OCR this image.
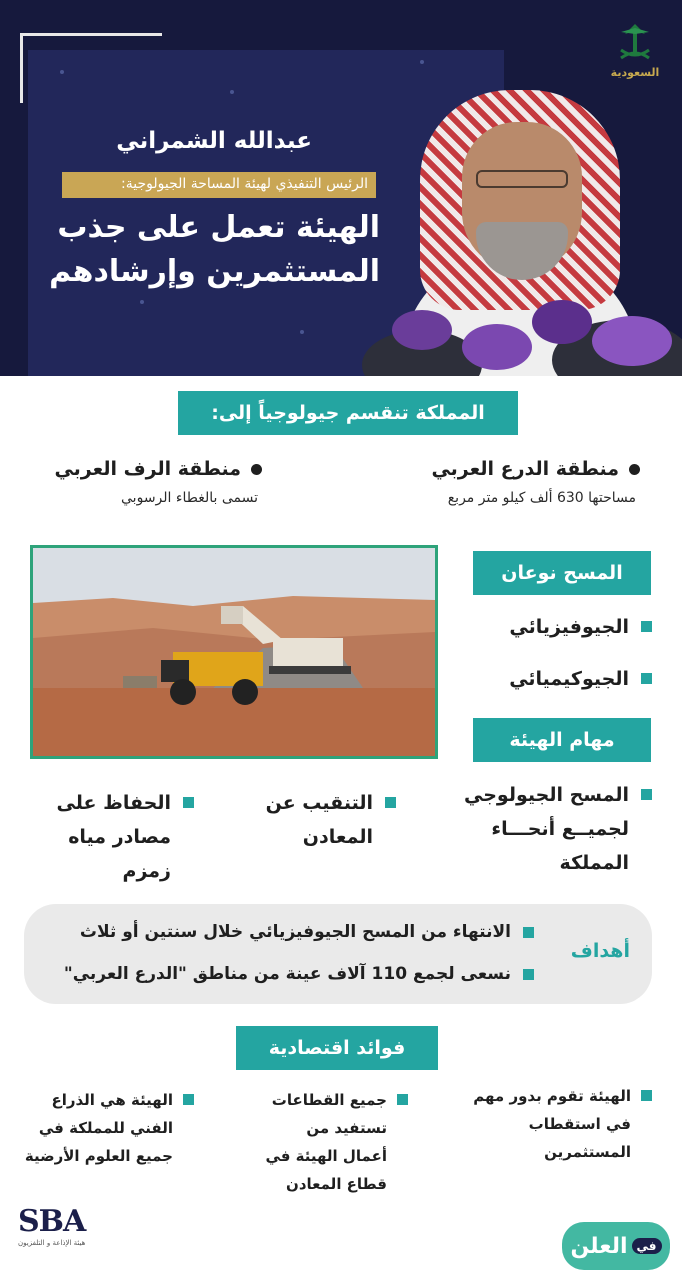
السعودية
عبدالله الشمراني
الرئيس التنفيذي لهيئة المساحة الجيولوجية:
الهيئة تعمل على جذب
المستثمرين وإرشادهم
المملكة تنقسم جيولوجياً إلى:
منطقة الدرع العربي
مساحتها 630 ألف كيلو متر مربع
منطقة الرف العربي
تسمى بالغطاء الرسوبي
المسح نوعان
الجيوفيزيائي
الجيوكيميائي
مهام الهيئة
المسح الجيولوجي لجميــع أنحـــاء المملكة
التنقيب عن المعادن
الحفاظ على مصادر مياه زمزم
أهداف
الانتهاء من المسح الجيوفيزيائي خلال سنتين أو ثلاث
نسعى لجمع 110 آلاف عينة من مناطق "الدرع العربي"
فوائد اقتصادية
الهيئة تقوم بدور مهم في استقطاب المستثمرين
جميع القطاعات تستفيد من أعمال الهيئة في قطاع المعادن
الهيئة هي الذراع الفني للمملكة في جميع العلوم الأرضية
SBA
هيئة الإذاعة و التلفزيون	في
العلن
